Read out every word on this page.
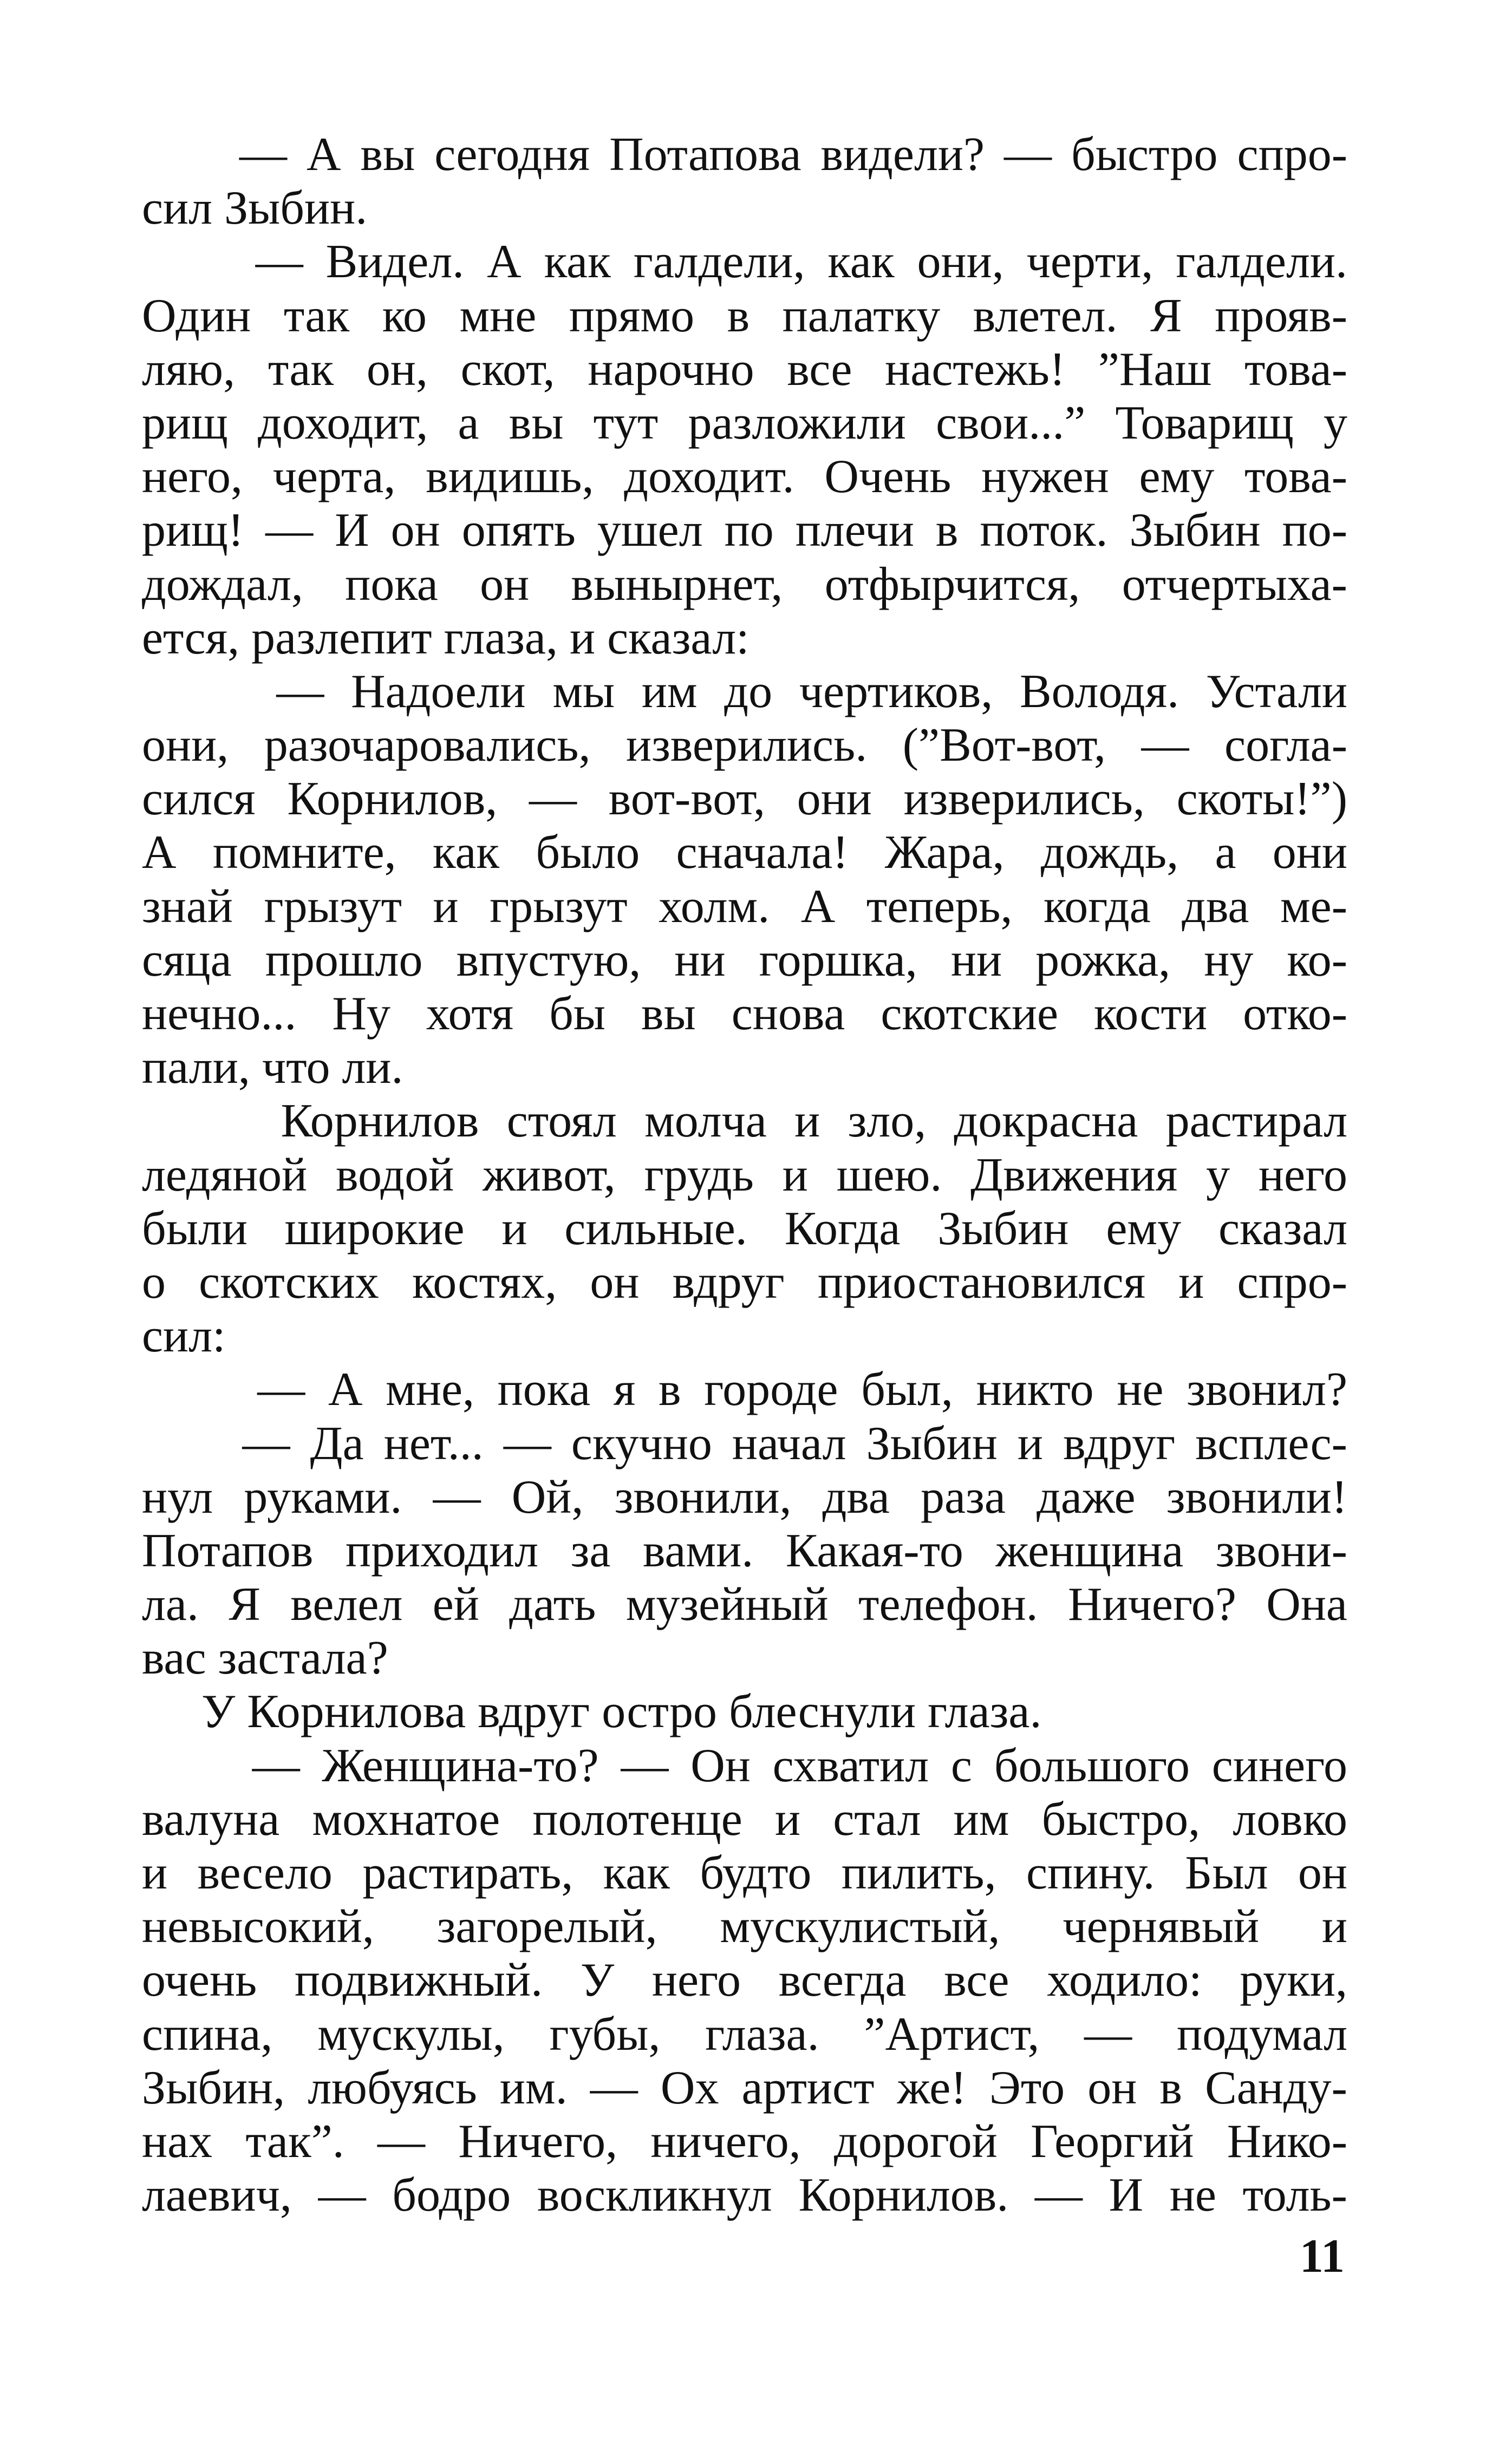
— А вы сегодня Потапова видели? — быстро спро-
сил Зыбин.
— Видел. А как галдели, как они, черти, галдели.
Один так ко мне прямо в палатку влетел. Я прояв-
ляю, так он, скот, нарочно все настежь! ”Наш това-
рищ доходит, а вы тут разложили свои...” Товарищ у
него, черта, видишь, доходит. Очень нужен ему това-
рищ! — И он опять ушел по плечи в поток. Зыбин по-
дождал, пока он вынырнет, отфырчится, отчертыха-
ется, разлепит глаза, и сказал:
— Надоели мы им до чертиков, Володя. Устали
они, разочаровались, изверились. (”Вот-вот, — согла-
сился Корнилов, — вот-вот, они изверились, скоты!”)
А помните, как было сначала! Жара, дождь, а они
знай грызут и грызут холм. А теперь, когда два ме-
сяца прошло впустую, ни горшка, ни рожка, ну ко-
нечно... Ну хотя бы вы снова скотские кости отко-
пали, что ли.
Корнилов стоял молча и зло, докрасна растирал
ледяной водой живот, грудь и шею. Движения у него
были широкие и сильные. Когда Зыбин ему сказал
о скотских костях, он вдруг приостановился и спро-
сил:
— А мне, пока я в городе был, никто не звонил?
— Да нет... — скучно начал Зыбин и вдруг всплес-
нул руками. — Ой, звонили, два раза даже звонили!
Потапов приходил за вами. Какая-то женщина звони-
ла. Я велел ей дать музейный телефон. Ничего? Она
вас застала?
У Корнилова вдруг остро блеснули глаза.
— Женщина-то? — Он схватил с большого синего
валуна мохнатое полотенце и стал им быстро, ловко
и весело растирать, как будто пилить, спину. Был он
невысокий, загорелый, мускулистый, чернявый и
очень подвижный. У него всегда все ходило: руки,
спина, мускулы, губы, глаза. ”Артист, — подумал
Зыбин, любуясь им. — Ох артист же! Это он в Санду-
нах так”. — Ничего, ничего, дорогой Георгий Нико-
лаевич, — бодро воскликнул Корнилов. — И не толь-
11
